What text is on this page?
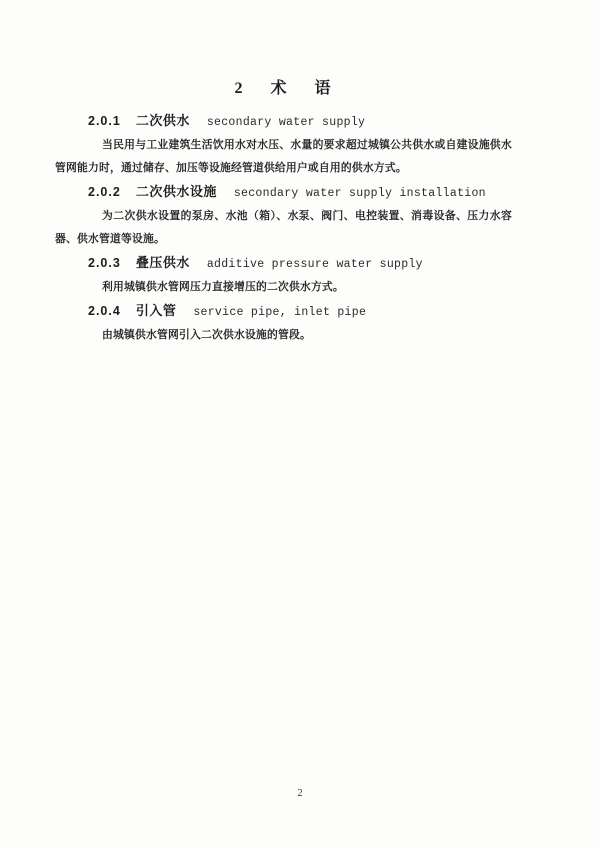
2 术 语

2.0.1 二次供水 secondary water supply

当民用与工业建筑生活饮用水对水压、水量的要求超过城镇公共供水或自建设施供水管网能力时，通过储存、加压等设施经管道供给用户或自用的供水方式。

2.0.2 二次供水设施 secondary water supply installation

为二次供水设置的泵房、水池（箱）、水泵、阀门、电控装置、消毒设备、压力水容器、供水管道等设施。

2.0.3 叠压供水 additive pressure water supply

利用城镇供水管网压力直接增压的二次供水方式。

2.0.4 引入管 service pipe, inlet pipe

由城镇供水管网引入二次供水设施的管段。

2
